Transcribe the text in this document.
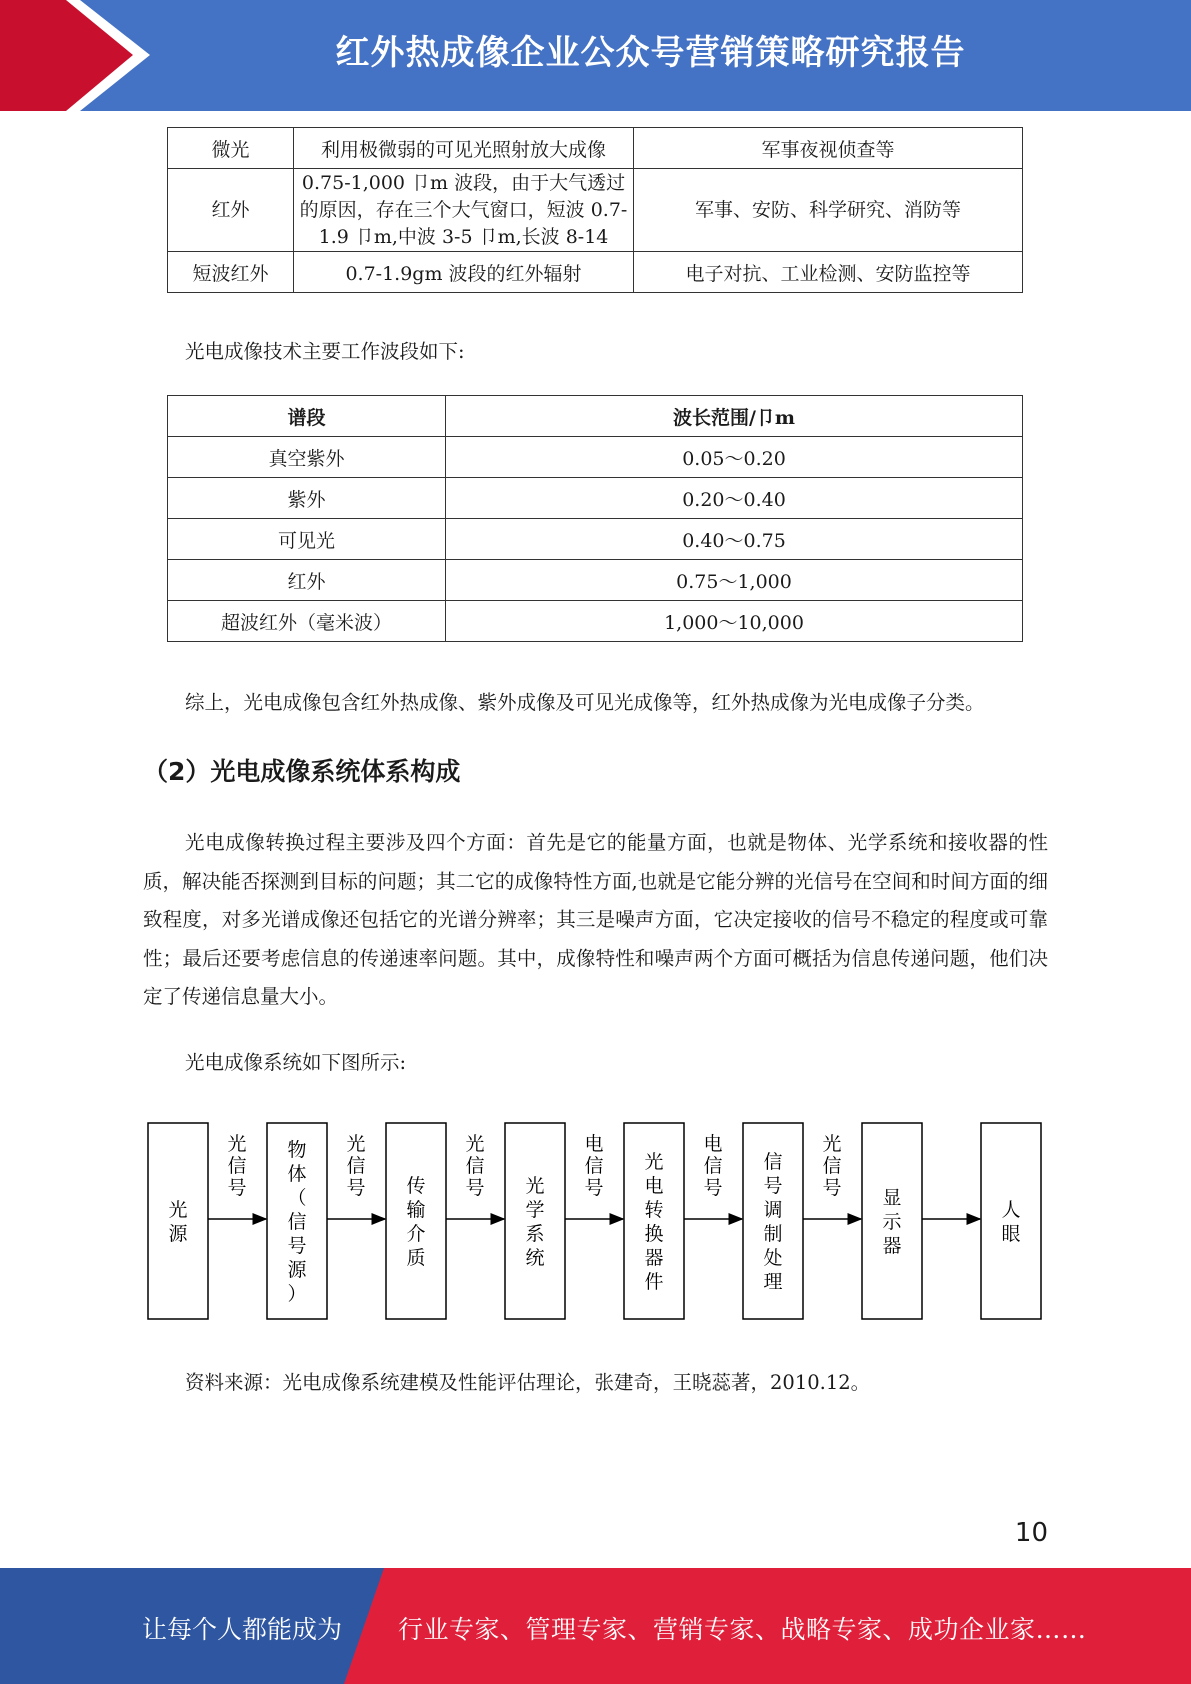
红外热成像企业公众号营销策略研究报告
微光	利用极微弱的可见光照射放大成像	军事夜视侦查等
红外	0.75-1,000 卩m 波段，由于大气透过的原因，存在三个大气窗口，短波 0.7-1.9 卩m,中波 3-5 卩m,长波 8-14	军事、安防、科学研究、消防等
短波红外	0.7-1.9gm 波段的红外辐射	电子对抗、工业检测、安防监控等

光电成像技术主要工作波段如下:

谱段	波长范围/卩m
真空紫外	0.05～0.20
紫外	0.20～0.40
可见光	0.40～0.75
红外	0.75～1,000
超波红外（毫米波）	1,000～10,000

综上，光电成像包含红外热成像、紫外成像及可见光成像等，红外热成像为光电成像子分类。

（2）光电成像系统体系构成

光电成像转换过程主要涉及四个方面：首先是它的能量方面，也就是物体、光学系统和接收器的性质，解决能否探测到目标的问题；其二它的成像特性方面,也就是它能分辨的光信号在空间和时间方面的细致程度，对多光谱成像还包括它的光谱分辨率；其三是噪声方面，它决定接收的信号不稳定的程度或可靠性；最后还要考虑信息的传递速率问题。其中，成像特性和噪声两个方面可概括为信息传递问题，他们决定了传递信息量大小。

光电成像系统如下图所示:

光源
物体（信号源）
光信号	传输介质
光信号	光学系统
光信号
光电转换器件
电信号
信号调制处理
电信号	显示器
光信号
人眼

资料来源：光电成像系统建模及性能评估理论，张建奇，王晓蕊著，2010.12。

10
让每个人都能成为 行业专家、管理专家、营销专家、战略专家、成功企业家……
